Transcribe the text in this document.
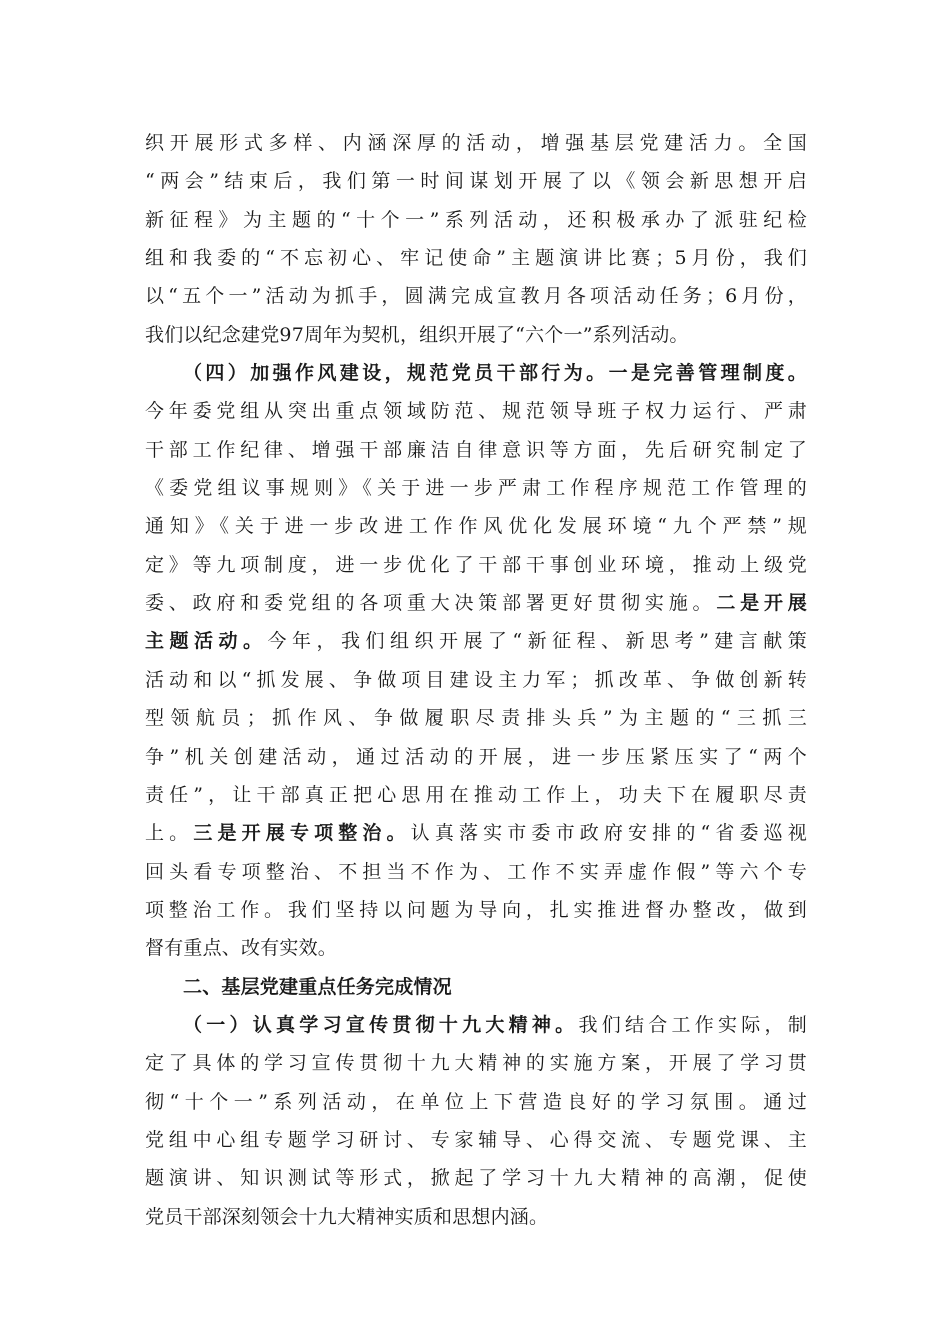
织开展形式多样、内涵深厚的活动，增强基层党建活力。全国
“两会”结束后，我们第一时间谋划开展了以《领会新思想开启
新征程》为主题的“十个一”系列活动，还积极承办了派驻纪检
组和我委的“不忘初心、牢记使命”主题演讲比赛；5月份，我们
以“五个一”活动为抓手，圆满完成宣教月各项活动任务；6月份，
我们以纪念建党97周年为契机，组织开展了“六个一”系列活动。
（四）加强作风建设，规范党员干部行为。一是完善管理制度。
今年委党组从突出重点领域防范、规范领导班子权力运行、严肃
干部工作纪律、增强干部廉洁自律意识等方面，先后研究制定了
《委党组议事规则》《关于进一步严肃工作程序规范工作管理的
通知》《关于进一步改进工作作风优化发展环境“九个严禁”规
定》等九项制度，进一步优化了干部干事创业环境，推动上级党
委、政府和委党组的各项重大决策部署更好贯彻实施。二是开展
主题活动。今年，我们组织开展了“新征程、新思考”建言献策
活动和以“抓发展、争做项目建设主力军；抓改革、争做创新转
型领航员；抓作风、争做履职尽责排头兵”为主题的“三抓三
争”机关创建活动，通过活动的开展，进一步压紧压实了“两个
责任”，让干部真正把心思用在推动工作上，功夫下在履职尽责
上。三是开展专项整治。认真落实市委市政府安排的“省委巡视
回头看专项整治、不担当不作为、工作不实弄虚作假”等六个专
项整治工作。我们坚持以问题为导向，扎实推进督办整改，做到
督有重点、改有实效。
二、基层党建重点任务完成情况
（一）认真学习宣传贯彻十九大精神。我们结合工作实际，制
定了具体的学习宣传贯彻十九大精神的实施方案，开展了学习贯
彻“十个一”系列活动，在单位上下营造良好的学习氛围。通过
党组中心组专题学习研讨、专家辅导、心得交流、专题党课、主
题演讲、知识测试等形式，掀起了学习十九大精神的高潮，促使
党员干部深刻领会十九大精神实质和思想内涵。
